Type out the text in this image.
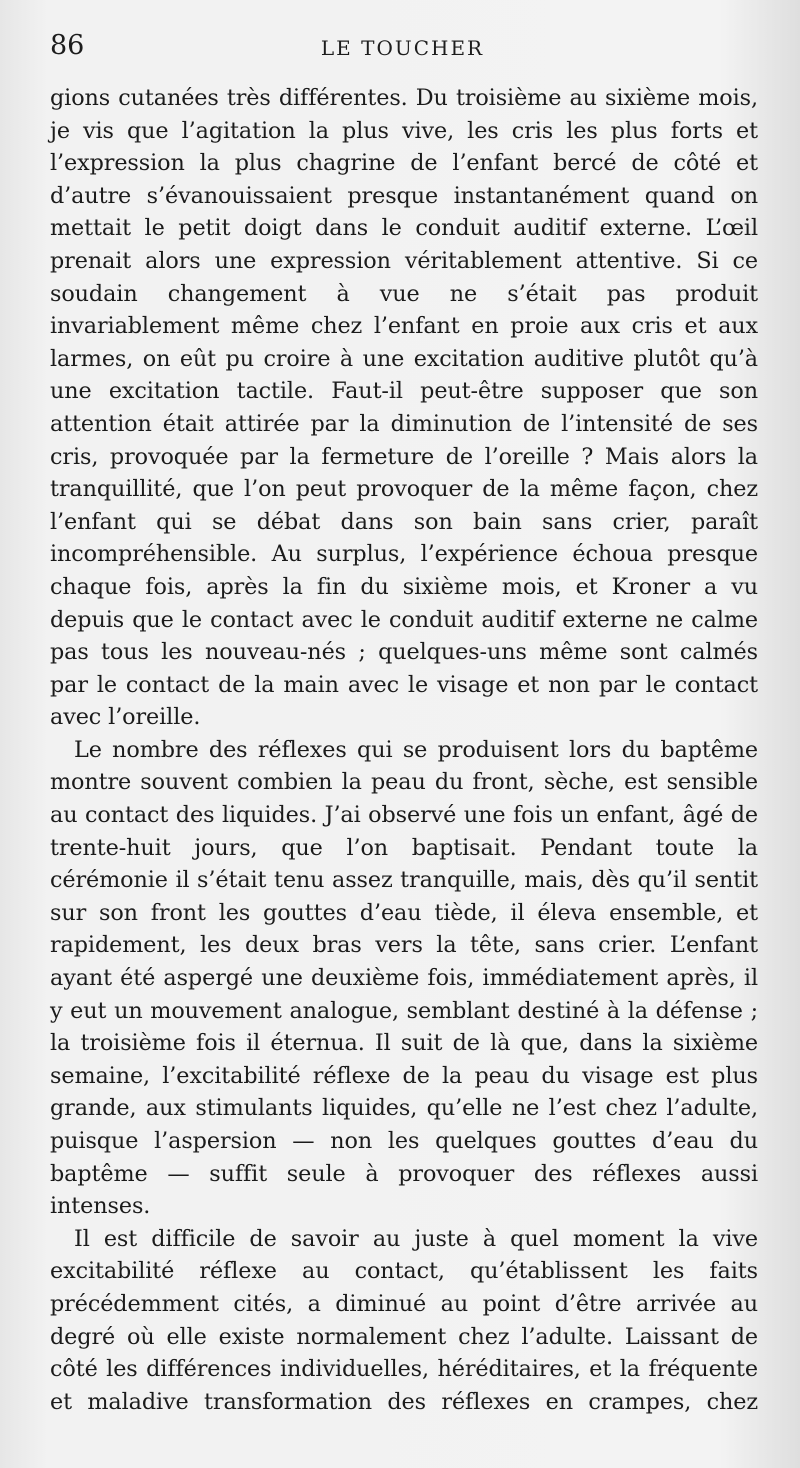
86	LE TOUCHER

gions cutanées très différentes. Du troisième au sixième mois, je vis que l’agitation la plus vive, les cris les plus forts et l’expression la plus chagrine de l’enfant bercé de côté et d’autre s’évanouissaient presque instantanément quand on mettait le petit doigt dans le conduit auditif externe. L’œil prenait alors une expression véritablement attentive. Si ce soudain changement à vue ne s’était pas produit invariablement même chez l’enfant en proie aux cris et aux larmes, on eût pu croire à une excitation auditive plutôt qu’à une excitation tactile. Faut-il peut-être supposer que son attention était attirée par la diminution de l’intensité de ses cris, provoquée par la fermeture de l’oreille ? Mais alors la tranquillité, que l’on peut provoquer de la même façon, chez l’enfant qui se débat dans son bain sans crier, paraît incompréhensible. Au surplus, l’expérience échoua presque chaque fois, après la fin du sixième mois, et Kroner a vu depuis que le contact avec le conduit auditif externe ne calme pas tous les nouveau-nés ; quelques-uns même sont calmés par le contact de la main avec le visage et non par le contact avec l’oreille.

Le nombre des réflexes qui se produisent lors du baptême montre souvent combien la peau du front, sèche, est sensible au contact des liquides. J’ai observé une fois un enfant, âgé de trente-huit jours, que l’on baptisait. Pendant toute la cérémonie il s’était tenu assez tranquille, mais, dès qu’il sentit sur son front les gouttes d’eau tiède, il éleva ensemble, et rapidement, les deux bras vers la tête, sans crier. L’enfant ayant été aspergé une deuxième fois, immédiatement après, il y eut un mouvement analogue, semblant destiné à la défense ; la troisième fois il éternua. Il suit de là que, dans la sixième semaine, l’excitabilité réflexe de la peau du visage est plus grande, aux stimulants liquides, qu’elle ne l’est chez l’adulte, puisque l’aspersion — non les quelques gouttes d’eau du baptême — suffit seule à provoquer des réflexes aussi intenses.

Il est difficile de savoir au juste à quel moment la vive excitabilité réflexe au contact, qu’établissent les faits précédemment cités, a diminué au point d’être arrivée au degré où elle existe normalement chez l’adulte. Laissant de côté les différences individuelles, héréditaires, et la fréquente et maladive transformation des réflexes en crampes, chez
